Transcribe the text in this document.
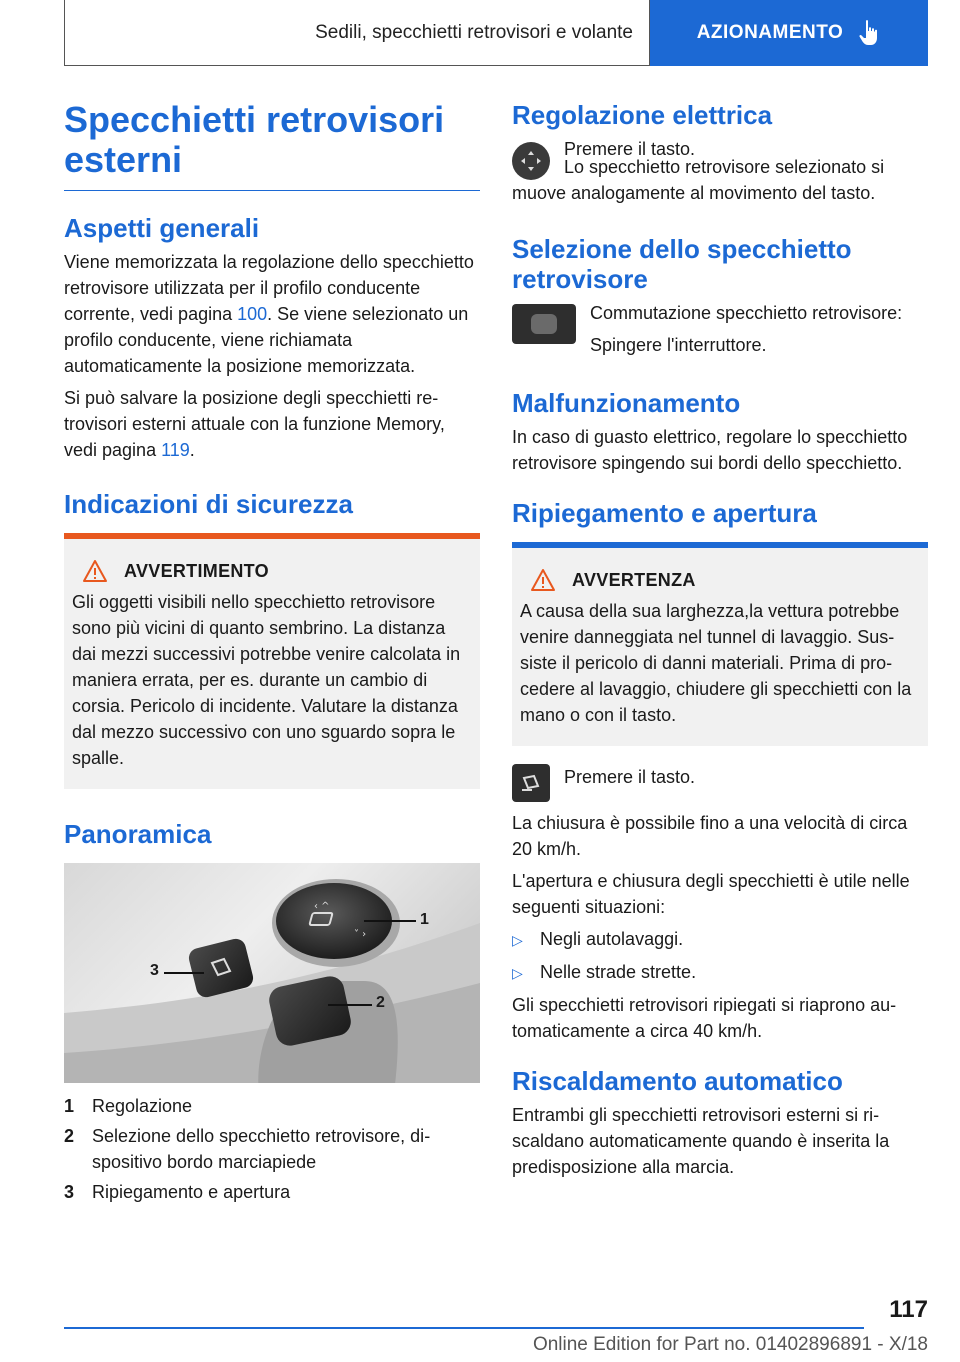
Sedili, specchietti retrovisori e volante	AZIONAMENTO
Specchietti retrovisori esterni
Aspetti generali

Viene memorizzata la regolazione dello specchietto retrovisore utilizzata per il profilo conducente corrente, vedi pagina 100. Se viene selezionato un profilo conducente, viene richiamata automaticamente la posizione memorizzata.

Si può salvare la posizione degli specchietti retrovisori esterni attuale con la funzione Memory, vedi pagina 119.

Indicazioni di sicurezza
AVVERTIMENTO

Gli oggetti visibili nello specchietto retrovisore sono più vicini di quanto sembrino. La distanza dai mezzi successivi potrebbe venire calcolata in maniera errata, per es. durante un cambio di corsia. Pericolo di incidente. Valutare la distanza dal mezzo successivo con uno sguardo sopra le spalle.

Panoramica
‹ ^
˅ ›
1
2
3
1 Regolazione
2 Selezione dello specchietto retrovisore, dispositivo bordo marciapiede
3 Ripiegamento e apertura
Regolazione elettrica

Premere il tasto.

Lo specchietto retrovisore selezionato si muove analogamente al movimento del tasto.

Selezione dello specchietto retrovisore

Commutazione specchietto retrovisore:

Spingere l'interruttore.

Malfunzionamento

In caso di guasto elettrico, regolare lo specchietto retrovisore spingendo sui bordi dello specchietto.

Ripiegamento e apertura
AVVERTENZA

A causa della sua larghezza,la vettura potrebbe venire danneggiata nel tunnel di lavaggio. Sussiste il pericolo di danni materiali. Prima di procedere al lavaggio, chiudere gli specchietti con la mano o con il tasto.

Premere il tasto.

La chiusura è possibile fino a una velocità di circa 20 km/h.

L'apertura e chiusura degli specchietti è utile nelle seguenti situazioni:

▷ Negli autolavaggi.
▷ Nelle strade strette.

Gli specchietti retrovisori ripiegati si riaprono automaticamente a circa 40 km/h.

Riscaldamento automatico

Entrambi gli specchietti retrovisori esterni si riscaldano automaticamente quando è inserita la predisposizione alla marcia.

117
Online Edition for Part no. 01402896891 - X/18
